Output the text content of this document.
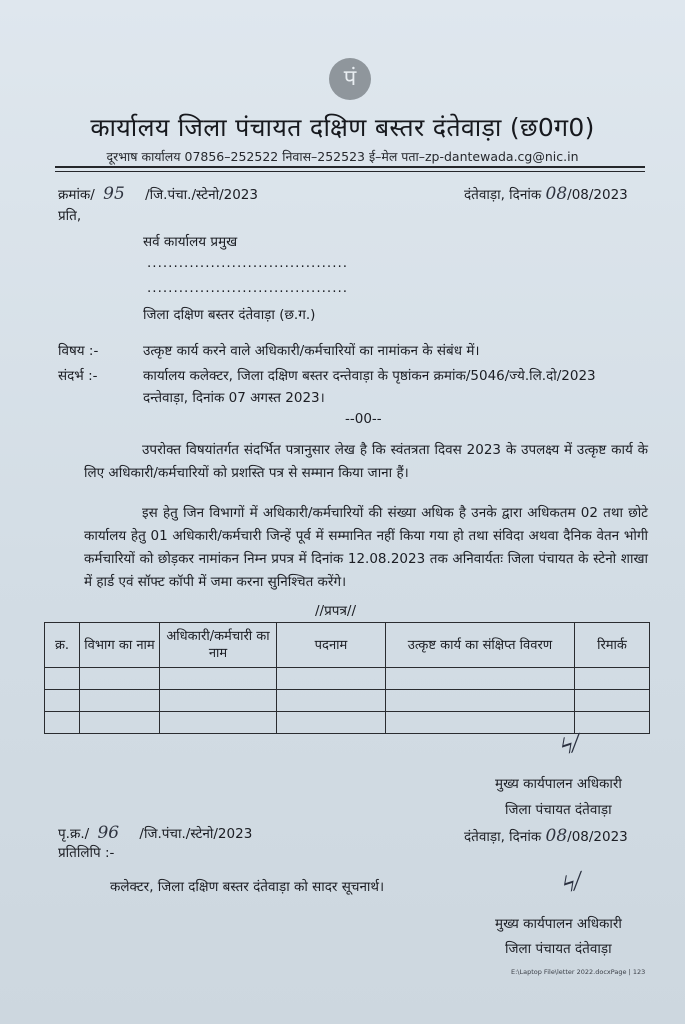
पं
कार्यालय जिला पंचायत दक्षिण बस्तर दंतेवाड़ा (छ0ग0)
दूरभाष कार्यालय 07856–252522 निवास–252523 ई–मेल पता–zp-dantewada.cg@nic.in
क्रमांक/ 95 /जि.पंचा./स्टेनो/2023	दंतेवाड़ा, दिनांक 08/08/2023
प्रति,
सर्व कार्यालय प्रमुख
......................................
......................................
जिला दक्षिण बस्तर दंतेवाड़ा (छ.ग.)
विषय :-	उत्कृष्ट कार्य करने वाले अधिकारी/कर्मचारियों का नामांकन के संबंध में।
संदर्भ :-	कार्यालय कलेक्टर, जिला दक्षिण बस्तर दन्तेवाड़ा के पृष्ठांकन क्रमांक/5046/ज्ये.लि.दो/2023
दन्तेवाड़ा, दिनांक 07 अगस्त 2023।
--00--
उपरोक्त विषयांतर्गत संदर्भित पत्रानुसार लेख है कि स्वंतत्रता दिवस 2023 के उपलक्ष्य में उत्कृष्ट कार्य के लिए अधिकारी/कर्मचारियों को प्रशस्ति पत्र से सम्मान किया जाना हैं।
इस हेतु जिन विभागों में अधिकारी/कर्मचारियों की संख्या अधिक है उनके द्वारा अधिकतम 02 तथा छोटे कार्यालय हेतु 01 अधिकारी/कर्मचारी जिन्हें पूर्व में सम्मानित नहीं किया गया हो तथा संविदा अथवा दैनिक वेतन भोगी कर्मचारियों को छोड़कर नामांकन निम्न प्रपत्र में दिनांक 12.08.2023 तक अनिवार्यतः जिला पंचायत के स्टेनो शाखा में हार्ड एवं सॉफ्ट कॉपी में जमा करना सुनिश्चित करेंगे।
//प्रपत्र//
क्र.	विभाग का नाम	अधिकारी/कर्मचारी का नाम	पदनाम	उत्कृष्ट कार्य का संक्षिप्त विवरण	रिमार्क

ϟ⁄
मुख्य कार्यपालन अधिकारी
जिला पंचायत दंतेवाड़ा
पृ.क्र./ 96 /जि.पंचा./स्टेनो/2023	दंतेवाड़ा, दिनांक 08/08/2023
प्रतिलिपि :-
कलेक्टर, जिला दक्षिण बस्तर दंतेवाड़ा को सादर सूचनार्थ।	ϟ⁄
मुख्य कार्यपालन अधिकारी
जिला पंचायत दंतेवाड़ा
E:\Laptop File\letter 2022.docxPage | 123
